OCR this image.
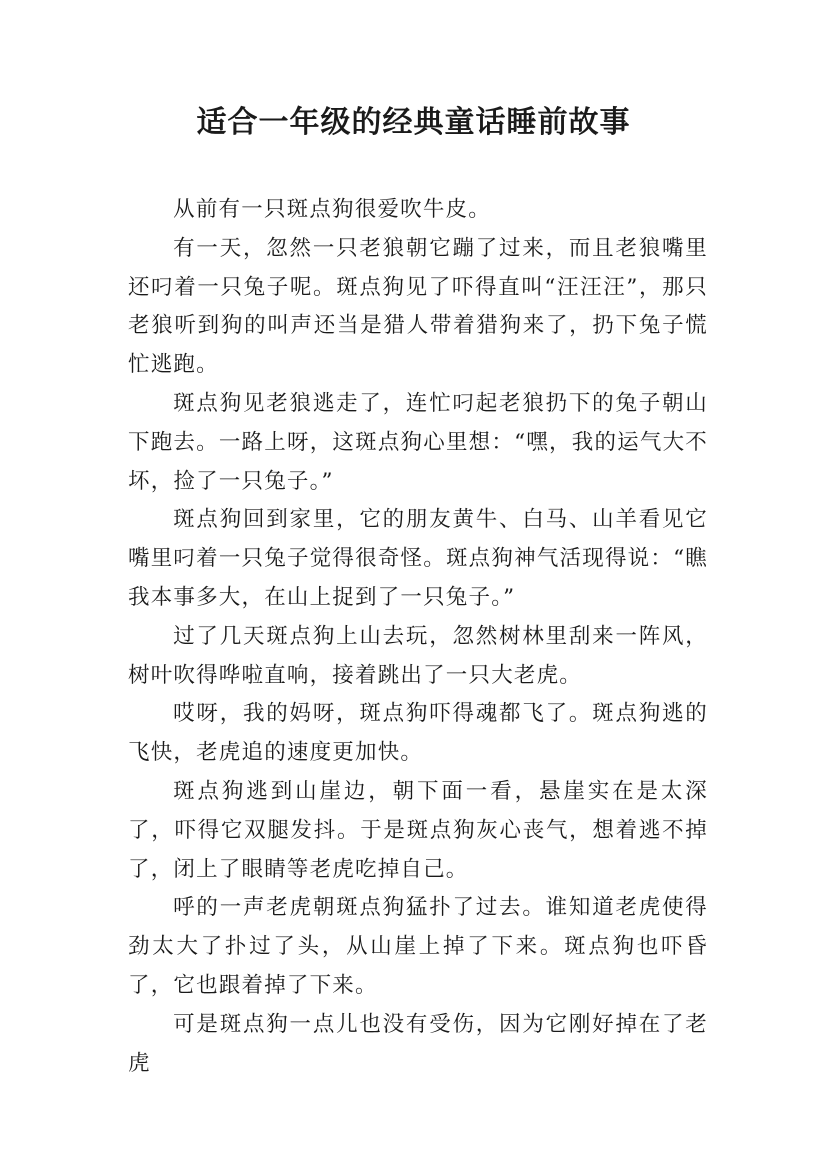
适合一年级的经典童话睡前故事

从前有一只斑点狗很爱吹牛皮。

有一天，忽然一只老狼朝它蹦了过来，而且老狼嘴里还叼着一只兔子呢。斑点狗见了吓得直叫“汪汪汪”，那只老狼听到狗的叫声还当是猎人带着猎狗来了，扔下兔子慌忙逃跑。

斑点狗见老狼逃走了，连忙叼起老狼扔下的兔子朝山下跑去。一路上呀，这斑点狗心里想：“嘿，我的运气大不坏，捡了一只兔子。”

斑点狗回到家里，它的朋友黄牛、白马、山羊看见它嘴里叼着一只兔子觉得很奇怪。斑点狗神气活现得说：“瞧我本事多大，在山上捉到了一只兔子。”

过了几天斑点狗上山去玩，忽然树林里刮来一阵风，树叶吹得哗啦直响，接着跳出了一只大老虎。

哎呀，我的妈呀，斑点狗吓得魂都飞了。斑点狗逃的飞快，老虎追的速度更加快。

斑点狗逃到山崖边，朝下面一看，悬崖实在是太深了，吓得它双腿发抖。于是斑点狗灰心丧气，想着逃不掉了，闭上了眼睛等老虎吃掉自己。

呼的一声老虎朝斑点狗猛扑了过去。谁知道老虎使得劲太大了扑过了头，从山崖上掉了下来。斑点狗也吓昏了，它也跟着掉了下来。

可是斑点狗一点儿也没有受伤，因为它刚好掉在了老虎
